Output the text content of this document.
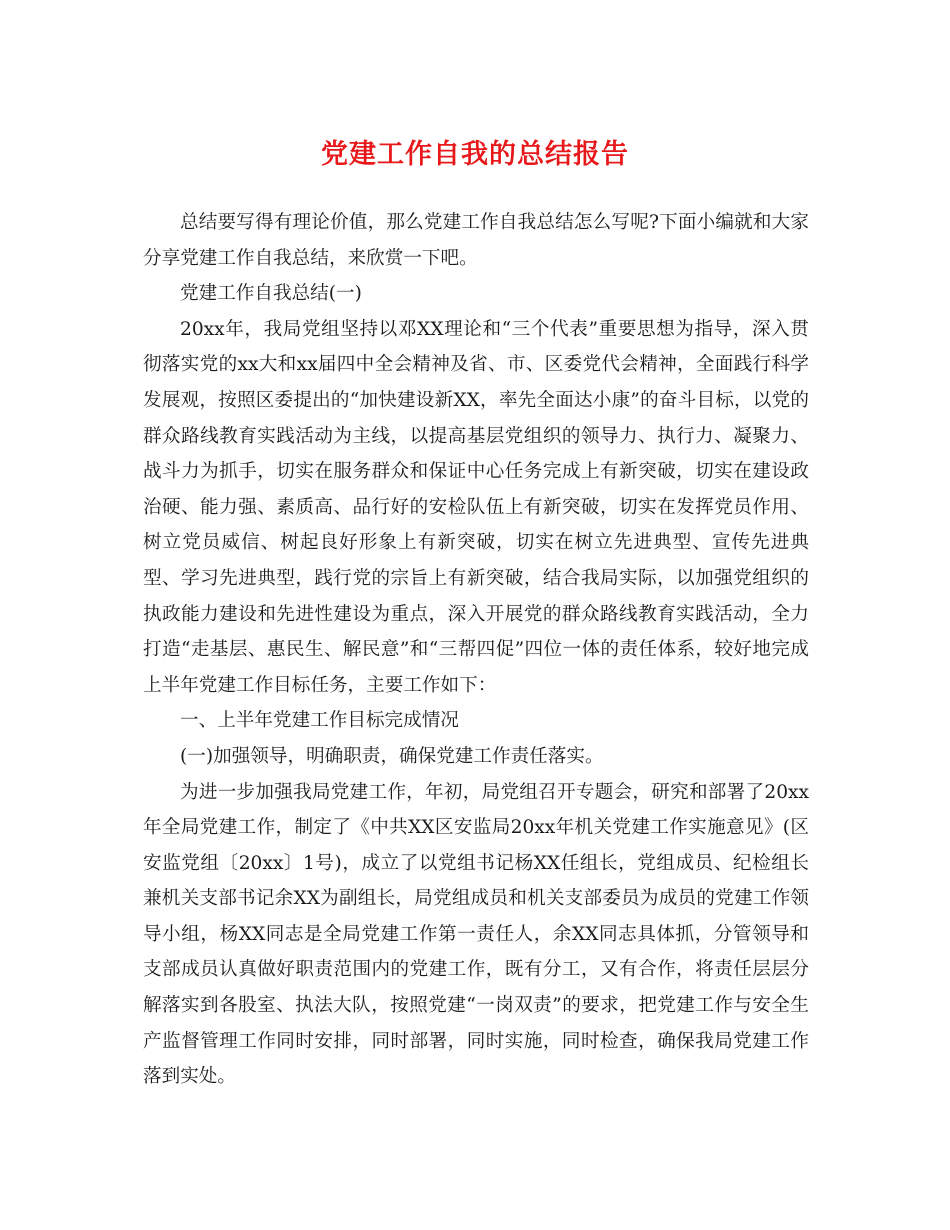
党建工作自我的总结报告

总结要写得有理论价值，那么党建工作自我总结怎么写呢?下面小编就和大家分享党建工作自我总结，来欣赏一下吧。

党建工作自我总结(一)

20xx年，我局党组坚持以邓XX理论和“三个代表”重要思想为指导，深入贯彻落实党的xx大和xx届四中全会精神及省、市、区委党代会精神，全面践行科学发展观，按照区委提出的“加快建设新XX，率先全面达小康”的奋斗目标，以党的群众路线教育实践活动为主线，以提高基层党组织的领导力、执行力、凝聚力、战斗力为抓手，切实在服务群众和保证中心任务完成上有新突破，切实在建设政治硬、能力强、素质高、品行好的安检队伍上有新突破，切实在发挥党员作用、树立党员威信、树起良好形象上有新突破，切实在树立先进典型、宣传先进典型、学习先进典型，践行党的宗旨上有新突破，结合我局实际，以加强党组织的执政能力建设和先进性建设为重点，深入开展党的群众路线教育实践活动，全力打造“走基层、惠民生、解民意”和“三帮四促”四位一体的责任体系，较好地完成上半年党建工作目标任务，主要工作如下：

一、上半年党建工作目标完成情况

(一)加强领导，明确职责，确保党建工作责任落实。

为进一步加强我局党建工作，年初，局党组召开专题会，研究和部署了20xx年全局党建工作，制定了《中共XX区安监局20xx年机关党建工作实施意见》(区安监党组〔20xx〕1号)，成立了以党组书记杨XX任组长，党组成员、纪检组长兼机关支部书记余XX为副组长，局党组成员和机关支部委员为成员的党建工作领导小组，杨XX同志是全局党建工作第一责任人，余XX同志具体抓，分管领导和支部成员认真做好职责范围内的党建工作，既有分工，又有合作，将责任层层分解落实到各股室、执法大队，按照党建“一岗双责”的要求，把党建工作与安全生产监督管理工作同时安排，同时部署，同时实施，同时检查，确保我局党建工作落到实处。
